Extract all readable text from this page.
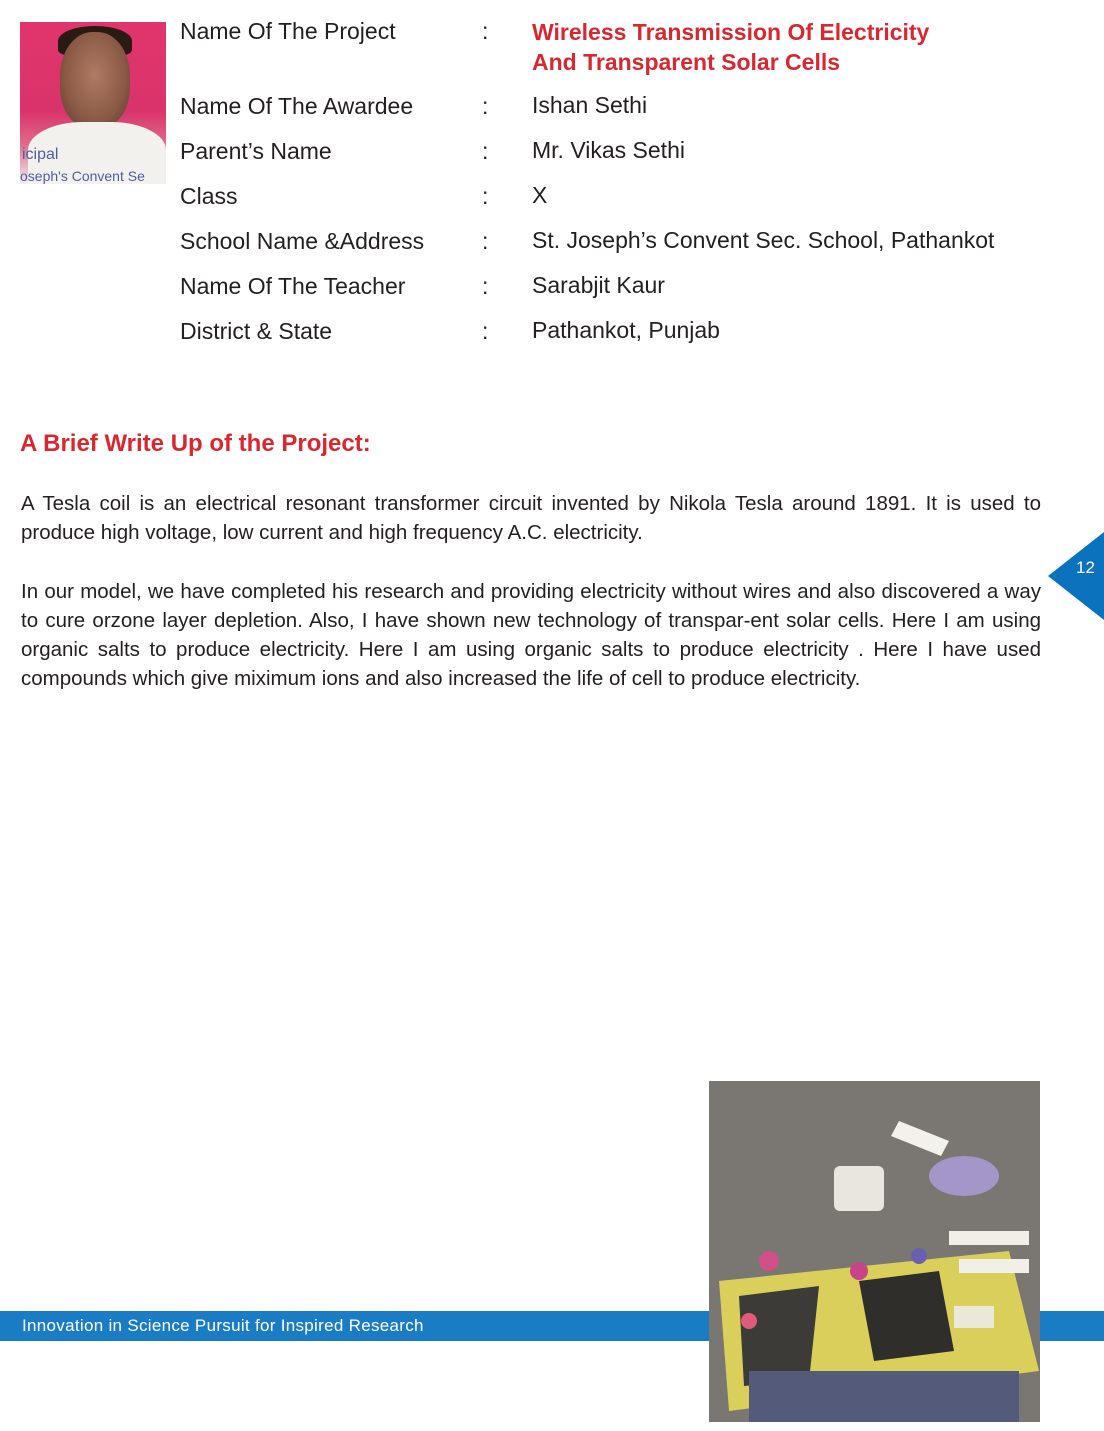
icipal
oseph's Convent Se
Name Of The Project	: Wireless Transmission Of Electricity
And Transparent Solar Cells
Name Of The Awardee	: Ishan Sethi
Parent’s Name	: Mr. Vikas Sethi
Class	: X
School Name &Address	: St. Joseph’s Convent Sec. School, Pathankot
Name Of The Teacher	: Sarabjit Kaur
District & State	: Pathankot, Punjab
A Brief Write Up of the Project:

A Tesla coil is an electrical resonant transformer circuit invented by Nikola Tesla around 1891. It is used to produce high voltage, low current and high frequency A.C. electricity.

In our model, we have completed his research and providing electricity without wires and also discovered a way to cure orzone layer depletion. Also, I have shown new technology of transpar-ent solar cells. Here I am using organic salts to produce electricity. Here I am using organic salts to produce electricity . Here I have used compounds which give miximum ions and also increased the life of cell to produce electricity.

12
Innovation in Science Pursuit for Inspired Research
